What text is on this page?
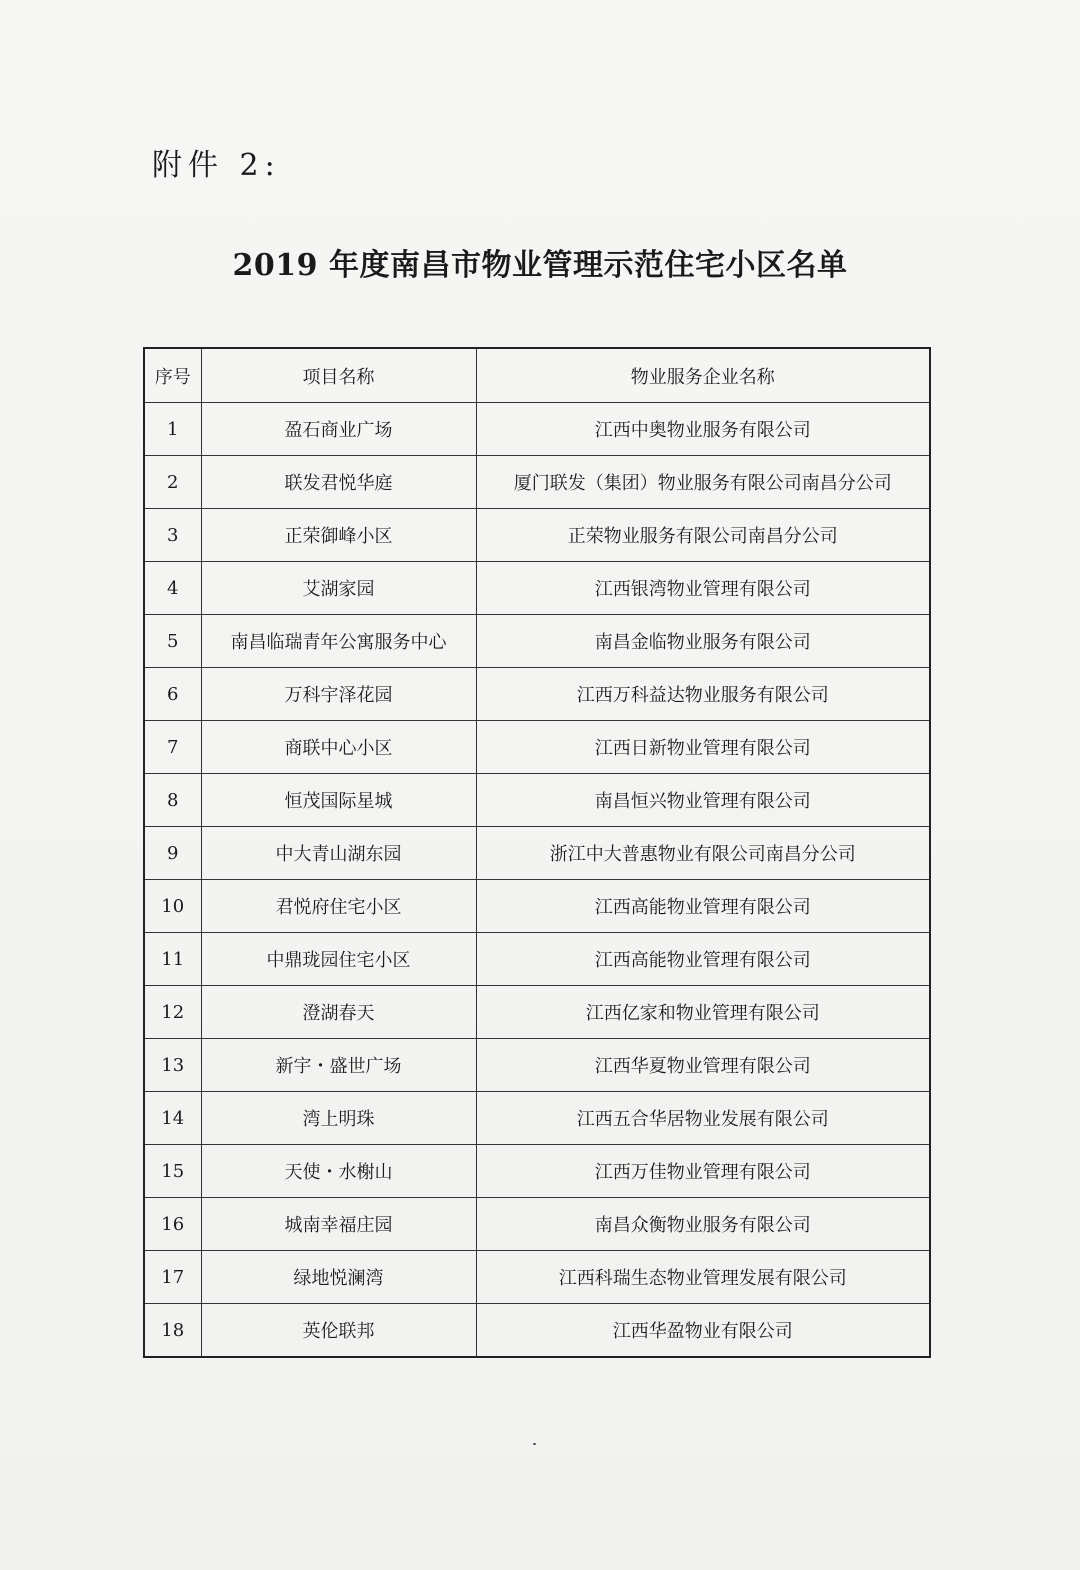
附件 2:
2019 年度南昌市物业管理示范住宅小区名单
序号	项目名称	物业服务企业名称
1	盈石商业广场	江西中奥物业服务有限公司
2	联发君悦华庭	厦门联发（集团）物业服务有限公司南昌分公司
3	正荣御峰小区	正荣物业服务有限公司南昌分公司
4	艾湖家园	江西银湾物业管理有限公司
5	南昌临瑞青年公寓服务中心	南昌金临物业服务有限公司
6	万科宇泽花园	江西万科益达物业服务有限公司
7	商联中心小区	江西日新物业管理有限公司
8	恒茂国际星城	南昌恒兴物业管理有限公司
9	中大青山湖东园	浙江中大普惠物业有限公司南昌分公司
10	君悦府住宅小区	江西高能物业管理有限公司
11	中鼎珑园住宅小区	江西高能物业管理有限公司
12	澄湖春天	江西亿家和物业管理有限公司
13	新宇・盛世广场	江西华夏物业管理有限公司
14	湾上明珠	江西五合华居物业发展有限公司
15	天使・水榭山	江西万佳物业管理有限公司
16	城南幸福庄园	南昌众衡物业服务有限公司
17	绿地悦澜湾	江西科瑞生态物业管理发展有限公司
18	英伦联邦	江西华盈物业有限公司
